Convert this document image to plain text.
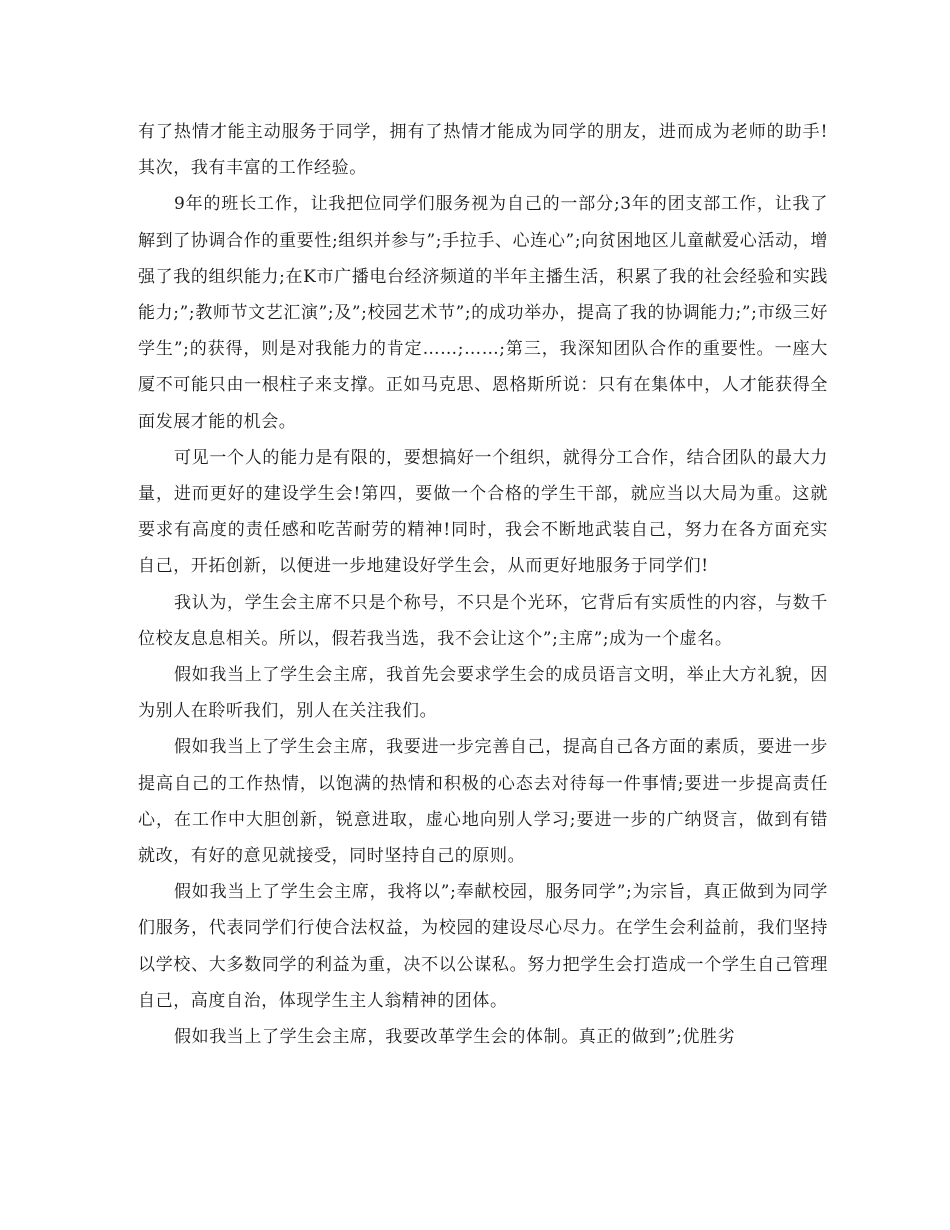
有了热情才能主动服务于同学，拥有了热情才能成为同学的朋友，进而成为老师的助手!其次，我有丰富的工作经验。

9年的班长工作，让我把位同学们服务视为自己的一部分;3年的团支部工作，让我了解到了协调合作的重要性;组织并参与”;手拉手、心连心”;向贫困地区儿童献爱心活动，增强了我的组织能力;在K市广播电台经济频道的半年主播生活，积累了我的社会经验和实践能力;”;教师节文艺汇演”;及”;校园艺术节”;的成功举办，提高了我的协调能力;”;市级三好学生”;的获得，则是对我能力的肯定……;……;第三，我深知团队合作的重要性。一座大厦不可能只由一根柱子来支撑。正如马克思、恩格斯所说：只有在集体中，人才能获得全面发展才能的机会。

可见一个人的能力是有限的，要想搞好一个组织，就得分工合作，结合团队的最大力量，进而更好的建设学生会!第四，要做一个合格的学生干部，就应当以大局为重。这就要求有高度的责任感和吃苦耐劳的精神!同时，我会不断地武装自己，努力在各方面充实自己，开拓创新，以便进一步地建设好学生会，从而更好地服务于同学们!

我认为，学生会主席不只是个称号，不只是个光环，它背后有实质性的内容，与数千位校友息息相关。所以，假若我当选，我不会让这个”;主席”;成为一个虚名。

假如我当上了学生会主席，我首先会要求学生会的成员语言文明，举止大方礼貌，因为别人在聆听我们，别人在关注我们。

假如我当上了学生会主席，我要进一步完善自己，提高自己各方面的素质，要进一步提高自己的工作热情，以饱满的热情和积极的心态去对待每一件事情;要进一步提高责任心，在工作中大胆创新，锐意进取，虚心地向别人学习;要进一步的广纳贤言，做到有错就改，有好的意见就接受，同时坚持自己的原则。

假如我当上了学生会主席，我将以”;奉献校园，服务同学”;为宗旨，真正做到为同学们服务，代表同学们行使合法权益，为校园的建设尽心尽力。在学生会利益前，我们坚持以学校、大多数同学的利益为重，决不以公谋私。努力把学生会打造成一个学生自己管理自己，高度自治，体现学生主人翁精神的团体。

假如我当上了学生会主席，我要改革学生会的体制。真正的做到”;优胜劣
